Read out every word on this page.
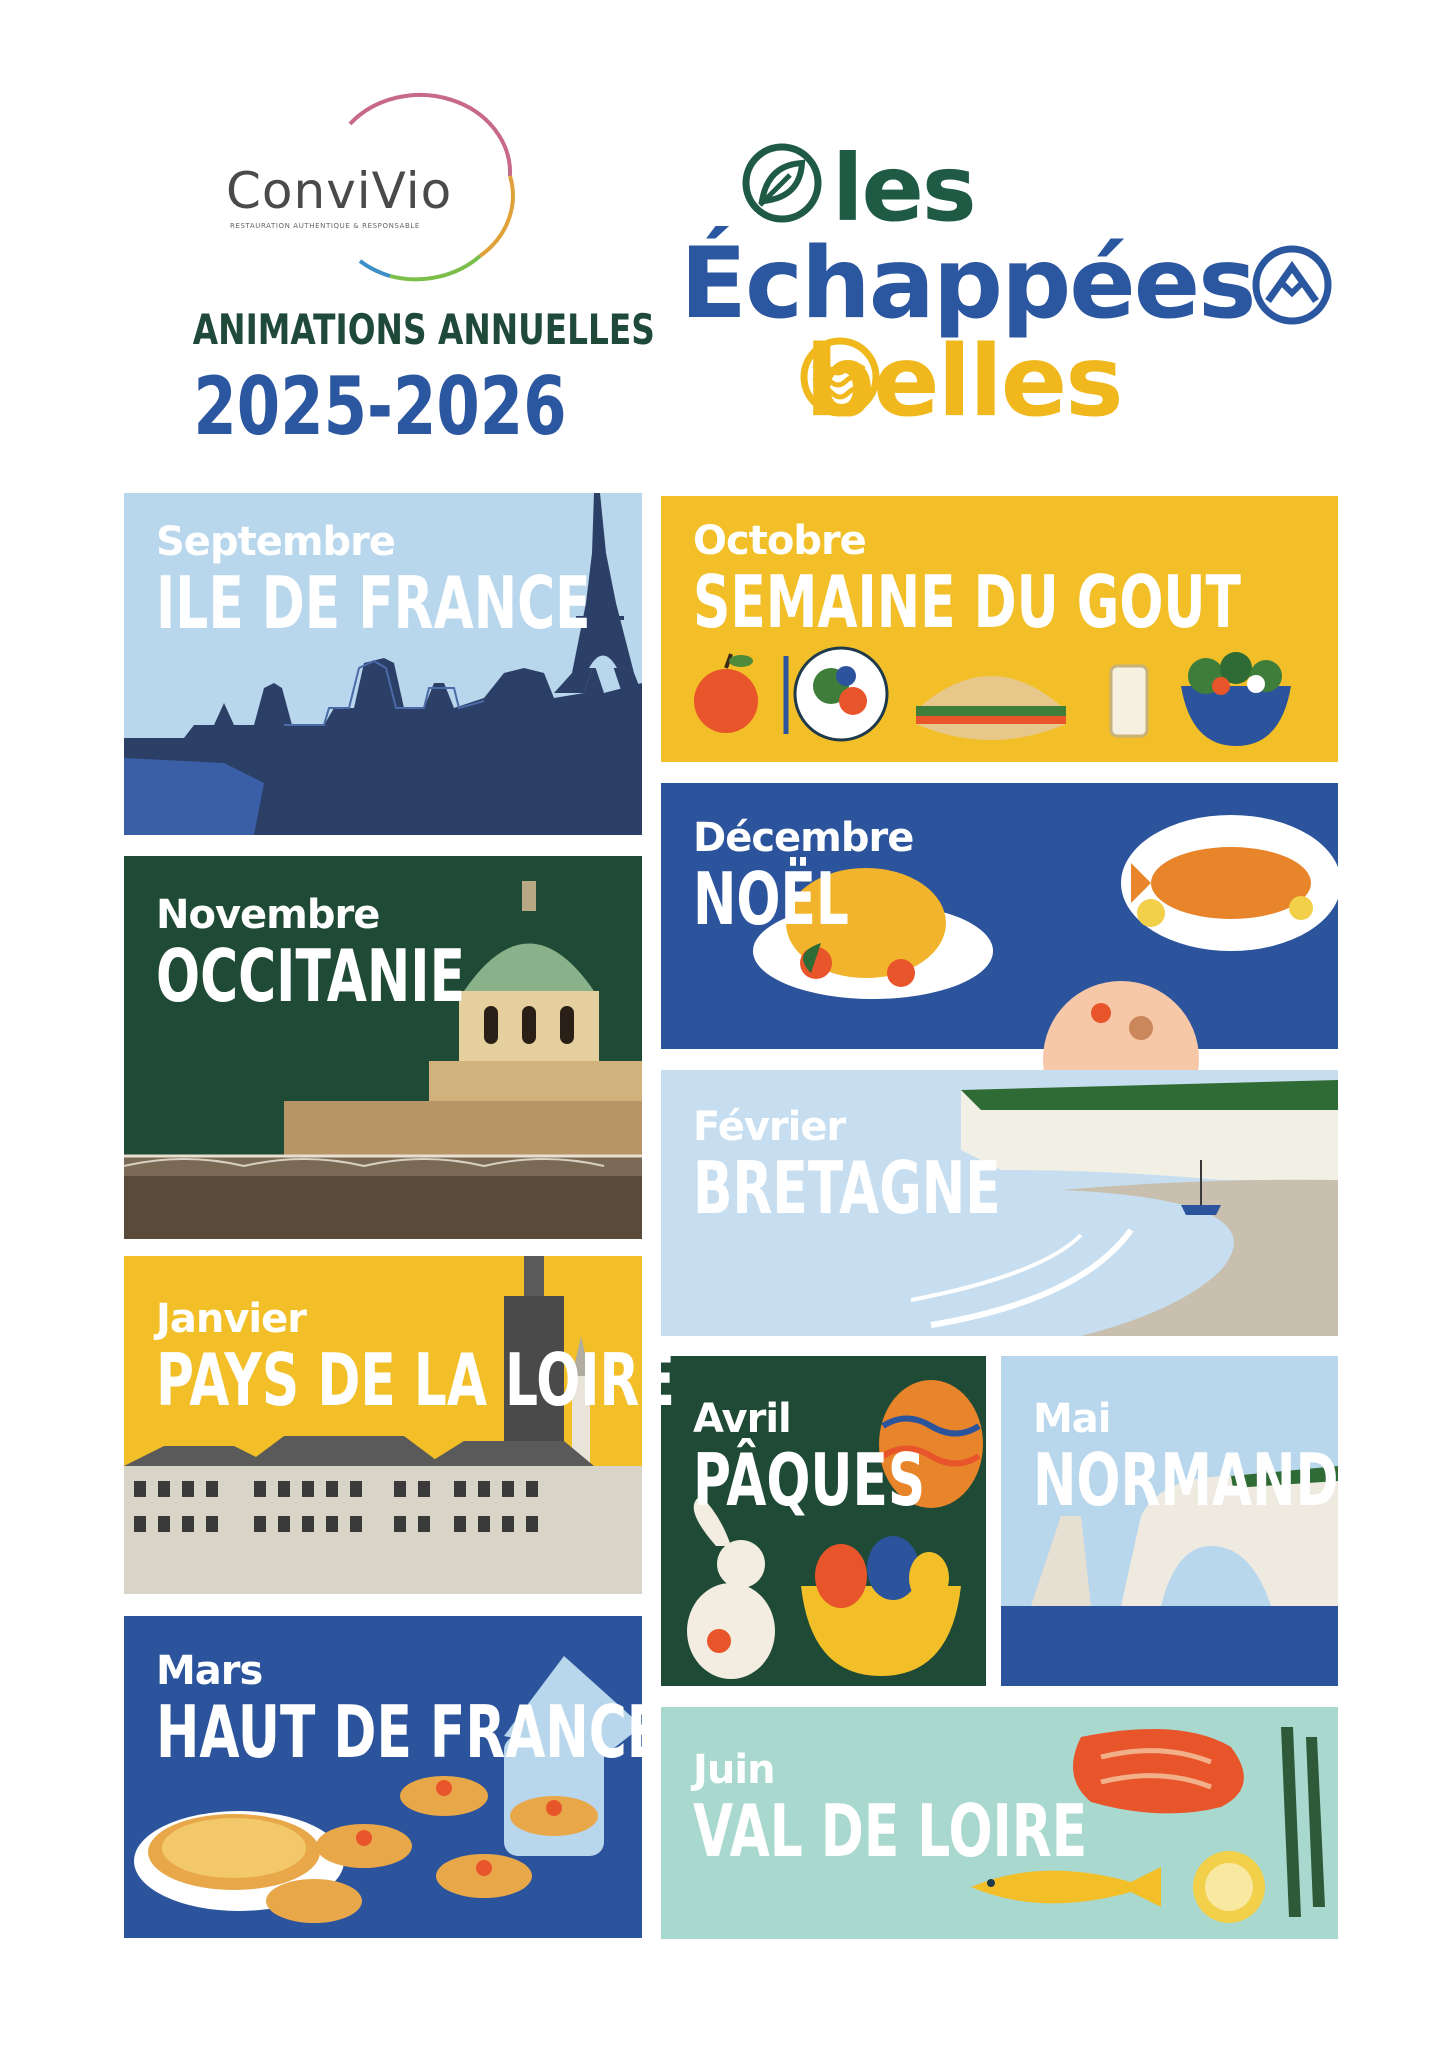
ConviVio
RESTAURATION AUTHENTIQUE & RESPONSABLE
ANIMATIONS ANNUELLES
2025-2026
les
Échappées
belles
Septembre
ILE DE FRANCE
Octobre
SEMAINE DU GOUT
Novembre
OCCITANIE
Décembre
NOËL
Février
BRETAGNE
Janvier
PAYS DE LA LOIRE Avril
PÂQUES
Mai
NORMANDIE
Mars
HAUT DE FRANCE Juin
VAL DE LOIRE
